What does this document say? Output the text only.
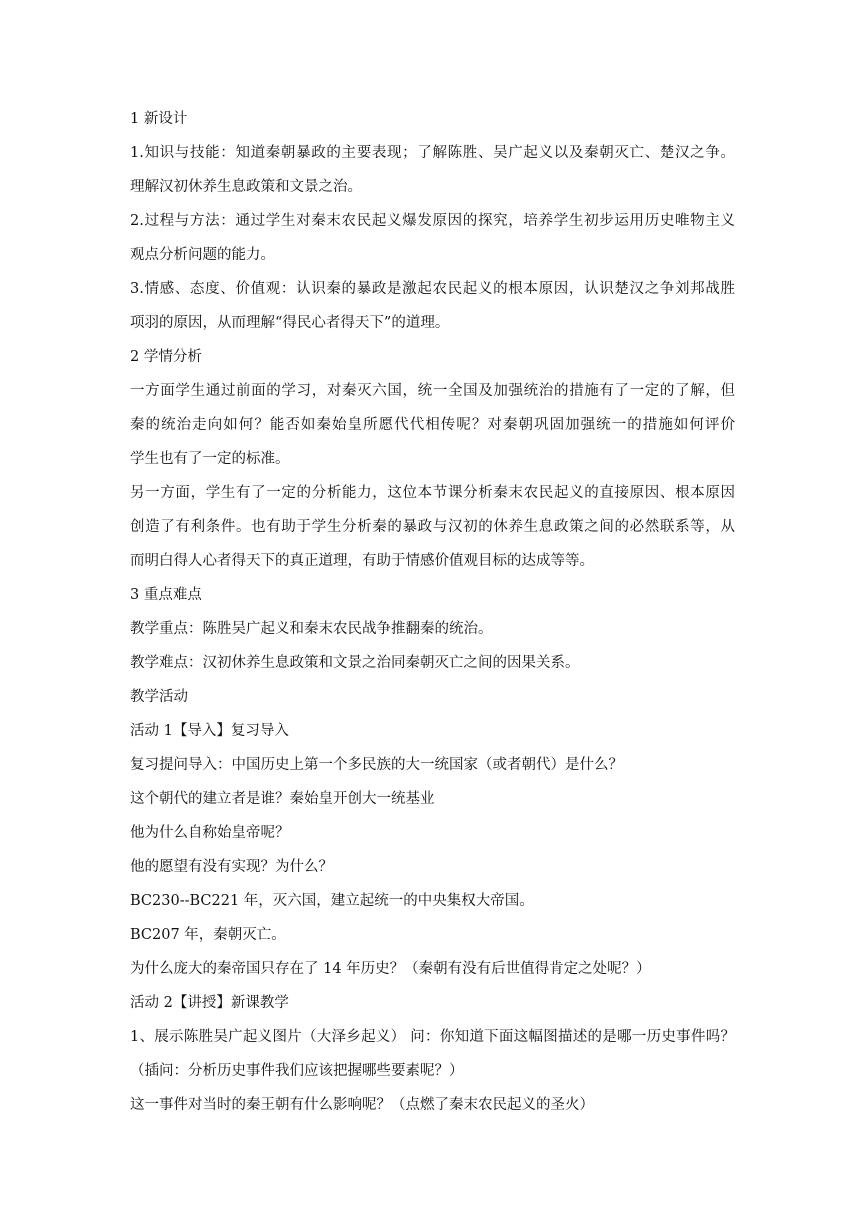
1 新设计
1.知识与技能：知道秦朝暴政的主要表现；了解陈胜、吴广起义以及秦朝灭亡、楚汉之争。
理解汉初休养生息政策和文景之治。
2.过程与方法：通过学生对秦末农民起义爆发原因的探究，培养学生初步运用历史唯物主义
观点分析问题的能力。
3.情感、态度、价值观：认识秦的暴政是激起农民起义的根本原因，认识楚汉之争刘邦战胜
项羽的原因，从而理解“得民心者得天下”的道理。
2 学情分析
一方面学生通过前面的学习，对秦灭六国，统一全国及加强统治的措施有了一定的了解，但
秦的统治走向如何？能否如秦始皇所愿代代相传呢？对秦朝巩固加强统一的措施如何评价
学生也有了一定的标准。
另一方面，学生有了一定的分析能力，这位本节课分析秦末农民起义的直接原因、根本原因
创造了有利条件。也有助于学生分析秦的暴政与汉初的休养生息政策之间的必然联系等，从
而明白得人心者得天下的真正道理，有助于情感价值观目标的达成等等。
3 重点难点
教学重点：陈胜吴广起义和秦末农民战争推翻秦的统治。
教学难点：汉初休养生息政策和文景之治同秦朝灭亡之间的因果关系。
教学活动
活动 1【导入】复习导入
复习提问导入：中国历史上第一个多民族的大一统国家（或者朝代）是什么？
这个朝代的建立者是谁？秦始皇开创大一统基业
他为什么自称始皇帝呢？
他的愿望有没有实现？为什么？
BC230--BC221 年，灭六国，建立起统一的中央集权大帝国。
BC207 年，秦朝灭亡。
为什么庞大的秦帝国只存在了 14 年历史？（秦朝有没有后世值得肯定之处呢？）
活动 2【讲授】新课教学
1、展示陈胜吴广起义图片（大泽乡起义） 问：你知道下面这幅图描述的是哪一历史事件吗？
（插问：分析历史事件我们应该把握哪些要素呢？）
这一事件对当时的秦王朝有什么影响呢？（点燃了秦末农民起义的圣火）
